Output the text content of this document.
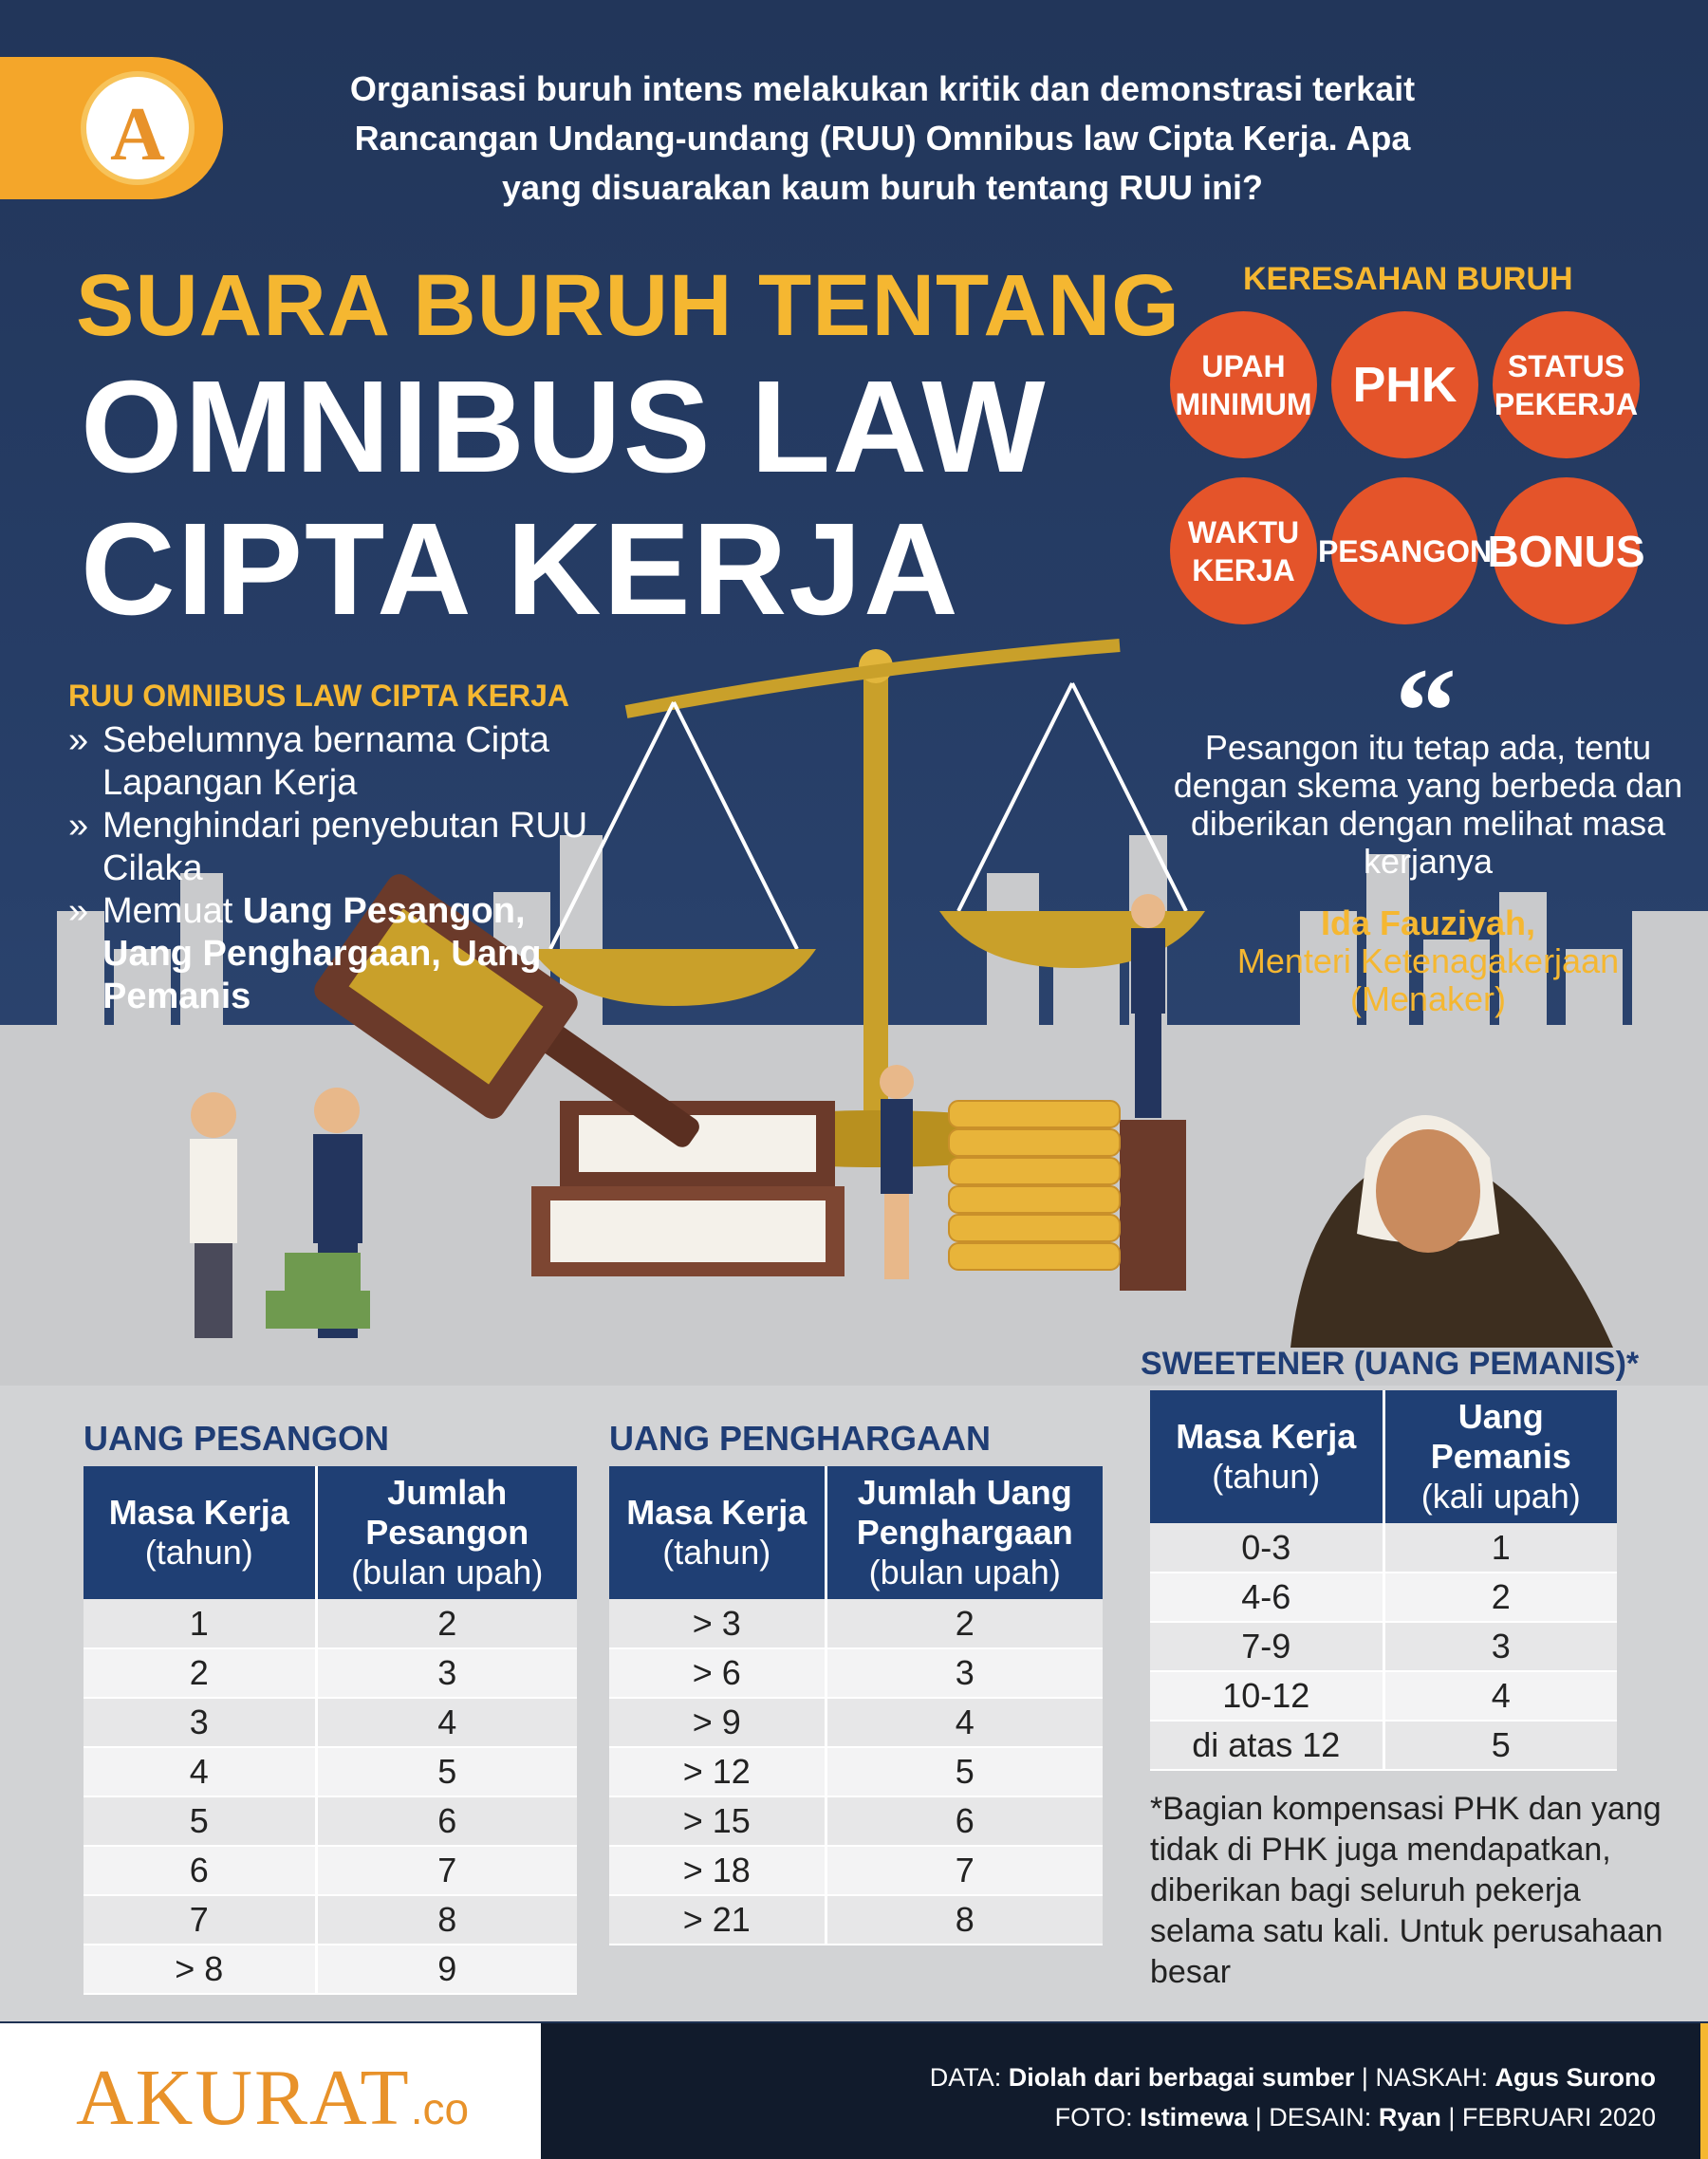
A
Organisasi buruh intens melakukan kritik dan demonstrasi terkait Rancangan Undang-undang (RUU) Omnibus law Cipta Kerja. Apa yang disuarakan kaum buruh tentang RUU ini?
SUARA BURUH TENTANG
OMNIBUS LAW
CIPTA KERJA
KERESAHAN BURUH
UPAH MINIMUM PHK	STATUS PEKERJA
WAKTU KERJA
PESANGON
BONUS
RUU OMNIBUS LAW CIPTA KERJA
» Sebelumnya bernama Cipta Lapangan Kerja
» Menghindari penyebutan RUU Cilaka
» Memuat Uang Pesangon, Uang Penghargaan, Uang Pemanis
“
Pesangon itu tetap ada, tentu dengan skema yang berbeda dan diberikan dengan melihat masa kerjanya
Ida Fauziyah,
Menteri Ketenagakerjaan (Menaker)
UANG PESANGON
Masa Kerja
(tahun)	Jumlah Pesangon
(bulan upah)
1	2
2	3
3	4
4	5
5	6
6	7
7	8
> 8	9
UANG PENGHARGAAN
Masa Kerja
(tahun)	Jumlah Uang Penghargaan
(bulan upah)
> 3	2
> 6	3
> 9	4
> 12	5
> 15	6
> 18	7
> 21	8
SWEETENER (UANG PEMANIS)*
Masa Kerja
(tahun)	Uang Pemanis
(kali upah)
0-3	1
4-6	2
7-9	3
10-12	4
di atas 12	5
*Bagian kompensasi PHK dan yang tidak di PHK juga mendapatkan, diberikan bagi seluruh pekerja selama satu kali. Untuk perusahaan besar
AKURAT.co
DATA: Diolah dari berbagai sumber | NASKAH: Agus Surono
FOTO: Istimewa | DESAIN: Ryan | FEBRUARI 2020
